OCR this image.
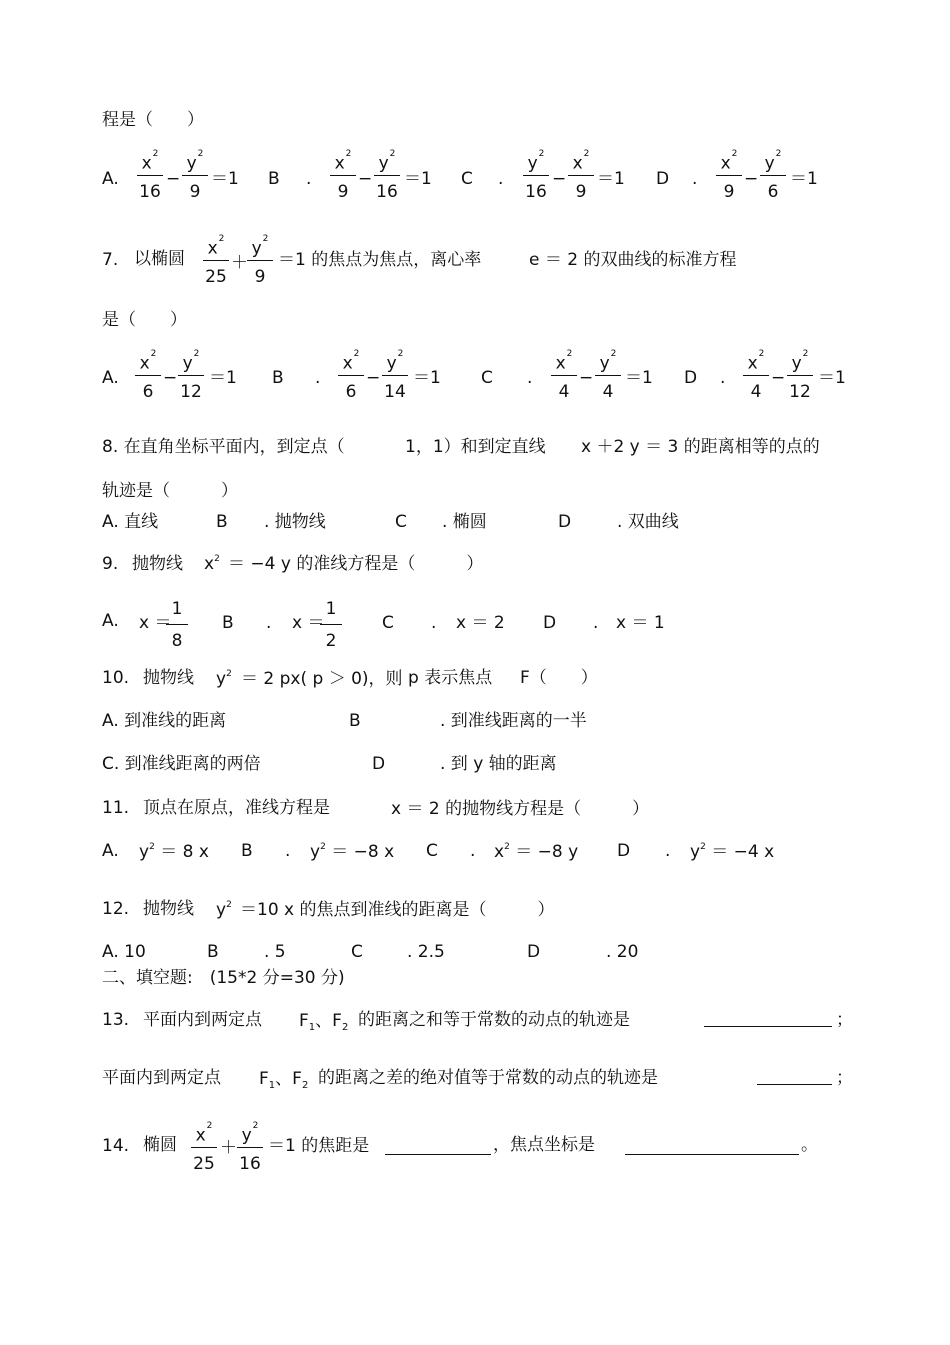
程是（　　）
A.
$x^2$
16
−
$y^2$
9
＝1 B .
$x^2$
9
−
$y^2$
16
＝1 C .
$y^2$
16
−
$x^2$
9
＝1 D .
$x^2$
9
−
$y^2$
6
＝1
7. 以椭圆
$x^2$
25
＋
$y^2$
9
＝1 的焦点为焦点，离心率	e ＝ 2 的双曲线的标准方程
是（　　）
A.
$x^2$
6
−
$y^2$
12
＝1 B .
$x^2$
6
−
$y^2$
14
＝1 C .
$x^2$
4
−
$y^2$
4
＝1 D .
$x^2$
4
−
$y^2$
12
＝1
8. 在直角坐标平面内，到定点（	1，1）和到定直线 x ＋2 y ＝ 3 的距离相等的点的
轨迹是（　　　）
A. 直线	B . 抛物线	C . 椭圆	D	. 双曲线
9. 抛物线 $x^2 = -4$ y 的准线方程是（　　　）
A. x ＝
1
8
B . x ＝
1
2
C . x ＝ 2 D . x ＝ 1
10. 抛物线 $y^2 = 2$ px( p ＞ 0)，则 p 表示焦点 F（　　）
A. 到准线的距离	B	. 到准线距离的一半
C. 到准线距离的两倍	D	. 到 y 轴的距离
11. 顶点在原点，准线方程是	x ＝ 2 的抛物线方程是（　　　）
A. $y^2 = 8$ x B . $y^2 = -8$ x C . $x^2 = -8$ y D . $y^2 = -4$ x
12. 抛物线 $y^2 =10$ x 的焦点到准线的距离是（　　　）
A. 10	B	. 5	C	. 2.5	D	. 20
二、填空题:　(15*2 分=30 分)
13. 平面内到两定点 $F_1$、$F_2$ 的距离之和等于常数的动点的轨迹是	；
平面内到两定点 $F_1$、$F_2$ 的距离之差的绝对值等于常数的动点的轨迹是	；
14. 椭圆	$x^2$
25
＋
$y^2$
16
＝1 的焦距是	，焦点坐标是	。
